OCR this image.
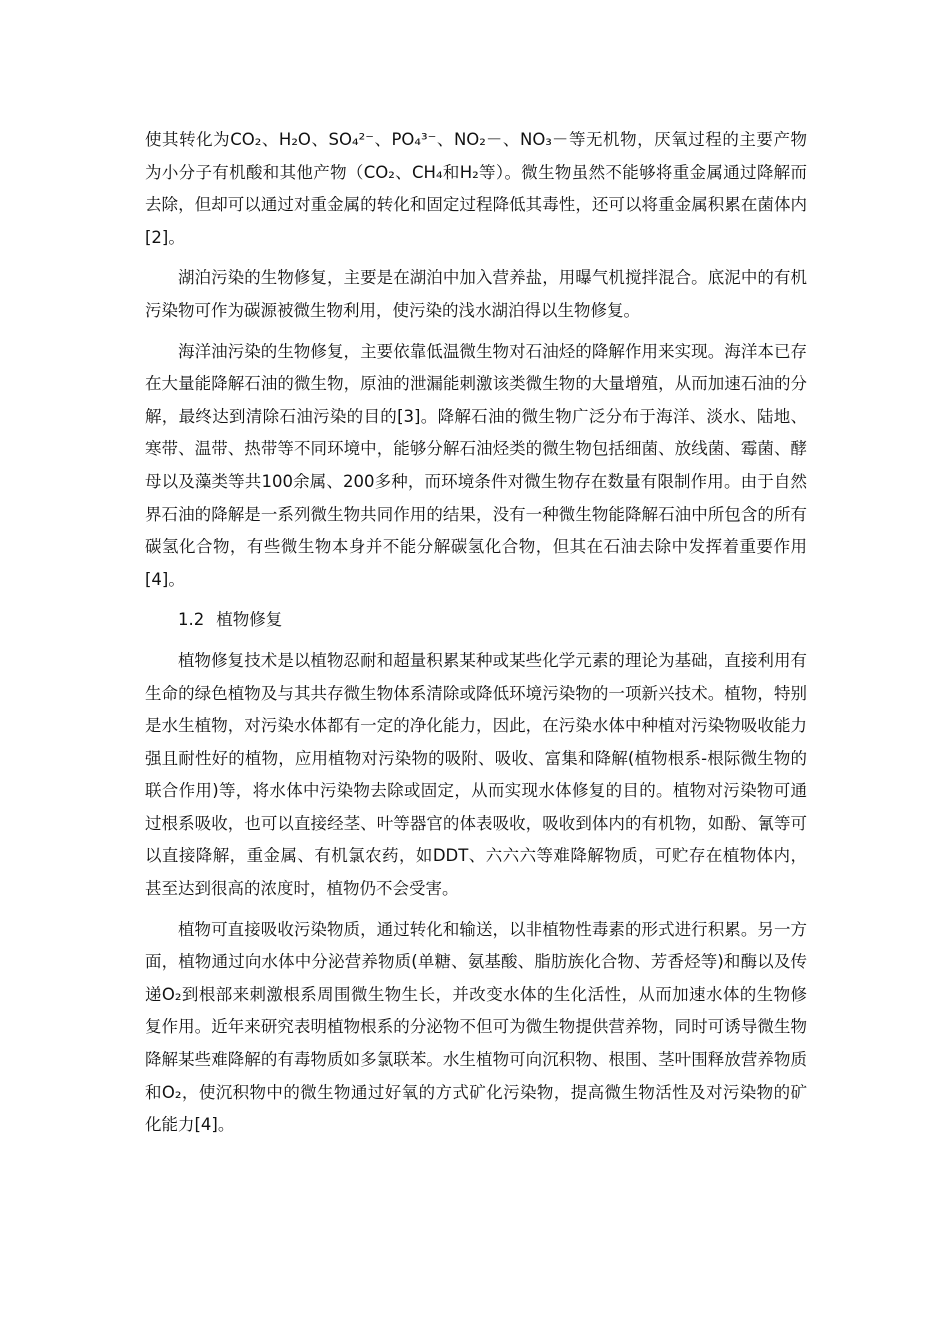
使其转化为CO₂、H₂O、SO₄²⁻、PO₄³⁻、NO₂－、NO₃－等无机物，厌氧过程的主要产物为小分子有机酸和其他产物（CO₂、CH₄和H₂等）。微生物虽然不能够将重金属通过降解而去除，但却可以通过对重金属的转化和固定过程降低其毒性，还可以将重金属积累在菌体内[2]。

湖泊污染的生物修复，主要是在湖泊中加入营养盐，用曝气机搅拌混合。底泥中的有机污染物可作为碳源被微生物利用，使污染的浅水湖泊得以生物修复。

海洋油污染的生物修复，主要依靠低温微生物对石油烃的降解作用来实现。海洋本已存在大量能降解石油的微生物，原油的泄漏能刺激该类微生物的大量增殖，从而加速石油的分解，最终达到清除石油污染的目的[3]。降解石油的微生物广泛分布于海洋、淡水、陆地、寒带、温带、热带等不同环境中，能够分解石油烃类的微生物包括细菌、放线菌、霉菌、酵母以及藻类等共100余属、200多种，而环境条件对微生物存在数量有限制作用。由于自然界石油的降解是一系列微生物共同作用的结果，没有一种微生物能降解石油中所包含的所有碳氢化合物，有些微生物本身并不能分解碳氢化合物，但其在石油去除中发挥着重要作用[4]。

1.2 植物修复

植物修复技术是以植物忍耐和超量积累某种或某些化学元素的理论为基础，直接利用有生命的绿色植物及与其共存微生物体系清除或降低环境污染物的一项新兴技术。植物，特别是水生植物，对污染水体都有一定的净化能力，因此，在污染水体中种植对污染物吸收能力强且耐性好的植物，应用植物对污染物的吸附、吸收、富集和降解(植物根系-根际微生物的联合作用)等，将水体中污染物去除或固定，从而实现水体修复的目的。植物对污染物可通过根系吸收，也可以直接经茎、叶等器官的体表吸收，吸收到体内的有机物，如酚、氰等可以直接降解，重金属、有机氯农药，如DDT、六六六等难降解物质，可贮存在植物体内，甚至达到很高的浓度时，植物仍不会受害。

植物可直接吸收污染物质，通过转化和输送，以非植物性毒素的形式进行积累。另一方面，植物通过向水体中分泌营养物质(单糖、氨基酸、脂肪族化合物、芳香烃等)和酶以及传递O₂到根部来刺激根系周围微生物生长，并改变水体的生化活性，从而加速水体的生物修复作用。近年来研究表明植物根系的分泌物不但可为微生物提供营养物，同时可诱导微生物降解某些难降解的有毒物质如多氯联苯。水生植物可向沉积物、根围、茎叶围释放营养物质和O₂，使沉积物中的微生物通过好氧的方式矿化污染物，提高微生物活性及对污染物的矿化能力[4]。
